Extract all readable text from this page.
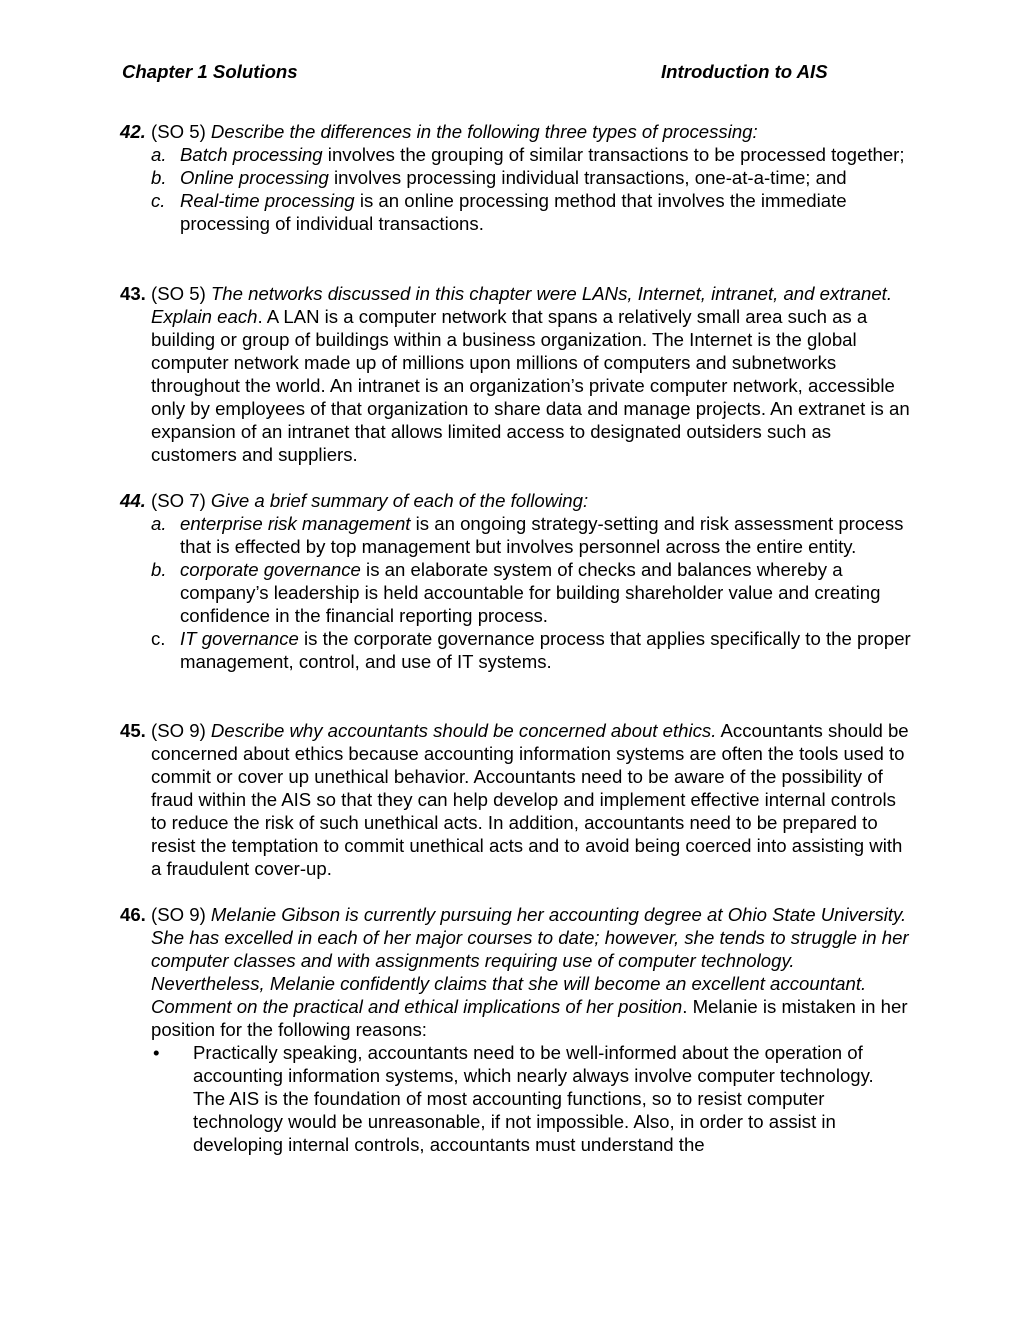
Chapter 1 Solutions	Introduction to AIS
42. (SO 5) Describe the differences in the following three types of processing:
a. Batch processing involves the grouping of similar transactions to be processed together;
b. Online processing involves processing individual transactions, one-at-a-time; and
c. Real-time processing is an online processing method that involves the immediate processing of individual transactions.
43. (SO 5) The networks discussed in this chapter were LANs, Internet, intranet, and extranet. Explain each. A LAN is a computer network that spans a relatively small area such as a building or group of buildings within a business organization. The Internet is the global computer network made up of millions upon millions of computers and subnetworks throughout the world. An intranet is an organization’s private computer network, accessible only by employees of that organization to share data and manage projects. An extranet is an expansion of an intranet that allows limited access to designated outsiders such as customers and suppliers.
44. (SO 7) Give a brief summary of each of the following:
a. enterprise risk management is an ongoing strategy-setting and risk assessment process that is effected by top management but involves personnel across the entire entity.
b. corporate governance is an elaborate system of checks and balances whereby a company’s leadership is held accountable for building shareholder value and creating confidence in the financial reporting process.
c. IT governance is the corporate governance process that applies specifically to the proper management, control, and use of IT systems.
45. (SO 9) Describe why accountants should be concerned about ethics. Accountants should be concerned about ethics because accounting information systems are often the tools used to commit or cover up unethical behavior. Accountants need to be aware of the possibility of fraud within the AIS so that they can help develop and implement effective internal controls to reduce the risk of such unethical acts. In addition, accountants need to be prepared to resist the temptation to commit unethical acts and to avoid being coerced into assisting with a fraudulent cover-up.
46. (SO 9) Melanie Gibson is currently pursuing her accounting degree at Ohio State University. She has excelled in each of her major courses to date; however, she tends to struggle in her computer classes and with assignments requiring use of computer technology. Nevertheless, Melanie confidently claims that she will become an excellent accountant. Comment on the practical and ethical implications of her position. Melanie is mistaken in her position for the following reasons:
• Practically speaking, accountants need to be well-informed about the operation of accounting information systems, which nearly always involve computer technology. The AIS is the foundation of most accounting functions, so to resist computer technology would be unreasonable, if not impossible. Also, in order to assist in developing internal controls, accountants must understand the
